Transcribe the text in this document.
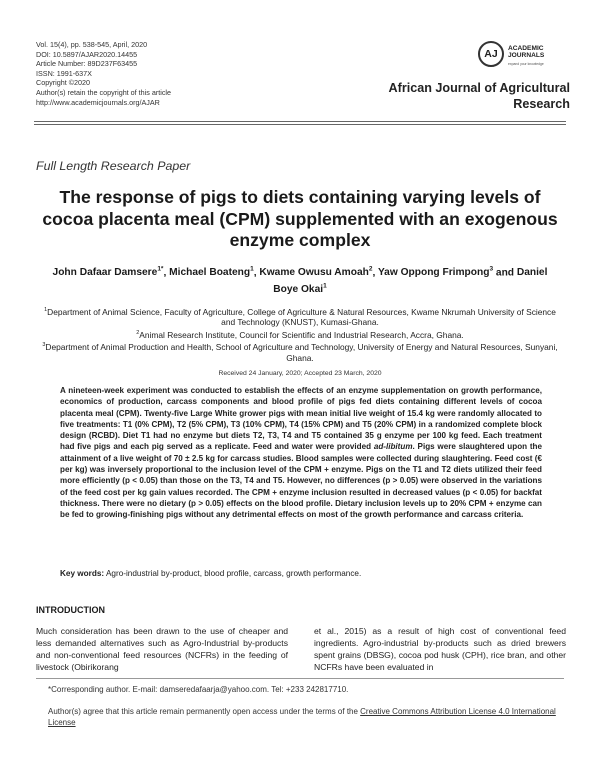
Vol. 15(4), pp. 538-545, April, 2020
DOI: 10.5897/AJAR2020.14455
Article Number: 89D237F63455
ISSN: 1991-637X
Copyright ©2020
Author(s) retain the copyright of this article
http://www.academicjournals.org/AJAR
AJ	ACADEMIC
JOURNALS
expand your knowledge
African Journal of Agricultural
Research
Full Length Research Paper
The response of pigs to diets containing varying levels of cocoa placenta meal (CPM) supplemented with an exogenous enzyme complex
John Dafaar Damsere$^{1*}$, Michael Boateng$^1$, Kwame Owusu Amoah$^2$, Yaw Oppong Frimpong$^3$ and Daniel Boye Okai$^1$
$^1$Department of Animal Science, Faculty of Agriculture, College of Agriculture & Natural Resources, Kwame Nkrumah University of Science and Technology (KNUST), Kumasi-Ghana.
$^2$Animal Research Institute, Council for Scientific and Industrial Research, Accra, Ghana.
$^3$Department of Animal Production and Health, School of Agriculture and Technology, University of Energy and Natural Resources, Sunyani, Ghana.
Received 24 January, 2020; Accepted 23 March, 2020
A nineteen-week experiment was conducted to establish the effects of an enzyme supplementation on growth performance, economics of production, carcass components and blood profile of pigs fed diets containing different levels of cocoa placenta meal (CPM). Twenty-five Large White grower pigs with mean initial live weight of 15.4 kg were randomly allocated to five treatments: T1 (0% CPM), T2 (5% CPM), T3 (10% CPM), T4 (15% CPM) and T5 (20% CPM) in a randomized complete block design (RCBD). Diet T1 had no enzyme but diets T2, T3, T4 and T5 contained 35 g enzyme per 100 kg feed. Each treatment had five pigs and each pig served as a replicate. Feed and water were provided ad-libitum. Pigs were slaughtered upon the attainment of a live weight of 70 ± 2.5 kg for carcass studies. Blood samples were collected during slaughtering. Feed cost (€ per kg) was inversely proportional to the inclusion level of the CPM + enzyme. Pigs on the T1 and T2 diets utilized their feed more efficiently (p < 0.05) than those on the T3, T4 and T5. However, no differences (p > 0.05) were observed in the variations of the feed cost per kg gain values recorded. The CPM + enzyme inclusion resulted in decreased values (p < 0.05) for backfat thickness. There were no dietary (p > 0.05) effects on the blood profile. Dietary inclusion levels up to 20% CPM + enzyme can be fed to growing-finishing pigs without any detrimental effects on most of the growth performance and carcass criteria.
Key words: Agro-industrial by-product, blood profile, carcass, growth performance.
INTRODUCTION
Much consideration has been drawn to the use of cheaper and less demanded alternatives such as Agro-Industrial by-products and non-conventional feed resources (NCFRs) in the feeding of livestock (Obirikorang
et al., 2015) as a result of high cost of conventional feed ingredients. Agro-industrial by-products such as dried brewers spent grains (DBSG), cocoa pod husk (CPH), rice bran, and other NCFRs have been evaluated in
*Corresponding author. E-mail: damseredafaarja@yahoo.com. Tel: +233 242817710.
Author(s) agree that this article remain permanently open access under the terms of the Creative Commons Attribution License 4.0 International License
